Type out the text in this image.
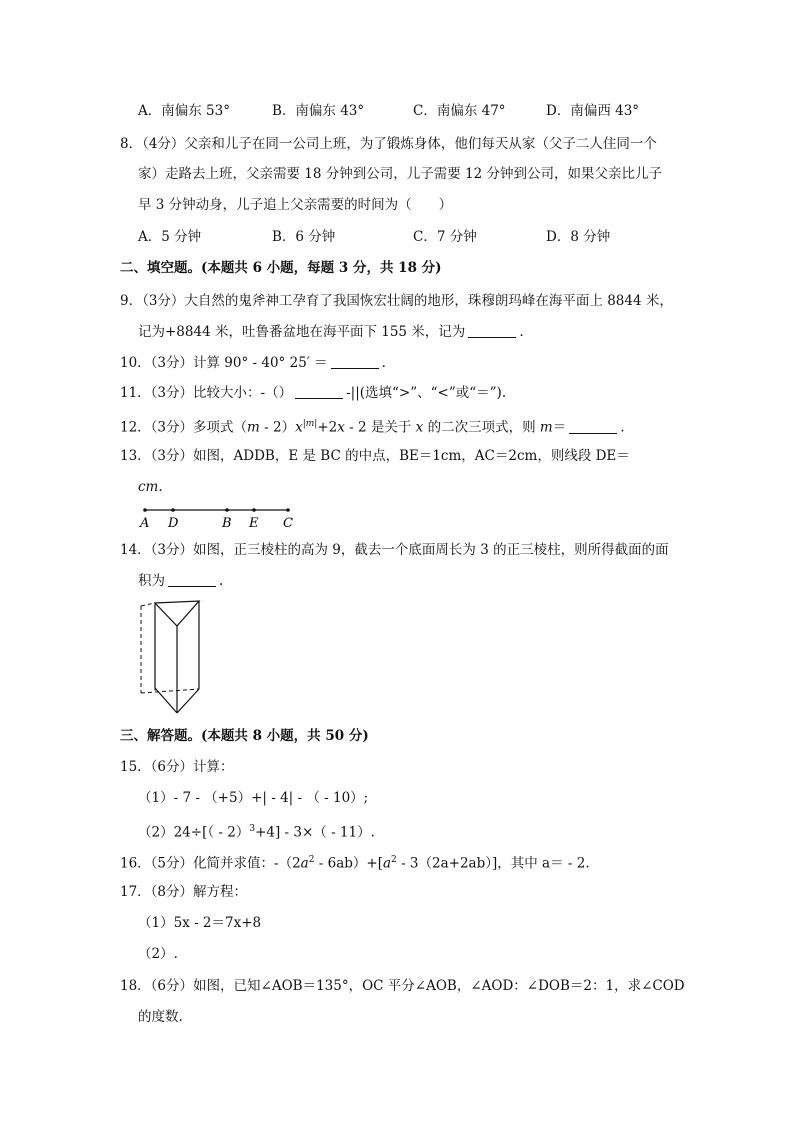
A．南偏东 53°	B．南偏东 43°	C．南偏东 47°	D．南偏西 43°
8．（4分）父亲和儿子在同一公司上班，为了锻炼身体，他们每天从家（父子二人住同一个
家）走路去上班，父亲需要 18 分钟到公司，儿子需要 12 分钟到公司，如果父亲比儿子
早 3 分钟动身，儿子追上父亲需要的时间为（　　）
A．5 分钟	B．6 分钟	C．7 分钟	D．8 分钟
二、填空题。(本题共 6 小题，每题 3 分，共 18 分)
9．（3分）大自然的鬼斧神工孕育了我国恢宏壮阔的地形，珠穆朗玛峰在海平面上 8844 米，
记为+8844 米，吐鲁番盆地在海平面下 155 米，记为	.
10．（3分）计算 90° - 40° 25′ ＝	.
11．（3分）比较大小：-（）	-||(选填“>”、“<”或“＝”).
12．（3分）多项式$(m - 2)x^{|m|}+2x - 2$ 是关于 x 的二次三项式，则 m＝	.
13．（3分）如图，ADDB，E 是 BC 的中点，BE＝1cm，AC＝2cm，则线段 DE＝
cm.
A D	B E C
14．（3分）如图，正三棱柱的高为 9，截去一个底面周长为 3 的正三棱柱，则所得截面的面
积为	.
三、解答题。(本题共 8 小题，共 50 分)
15．（6分）计算：
（1）- 7 - （+5）+| - 4| - （ - 10）;
（2）24÷[（ - 2）$^3$+4] - 3×（ - 11）.
16．（5分）化简并求值：$-(2a^2 - 6ab)+[a^2 - 3(2a+2ab)]$，其中 a＝ - 2.
17．（8分）解方程：
（1）5x - 2＝7x+8
（2）.
18．（6分）如图，已知∠AOB＝135°，OC 平分∠AOB，∠AOD：∠DOB＝2：1，求∠COD
的度数.
